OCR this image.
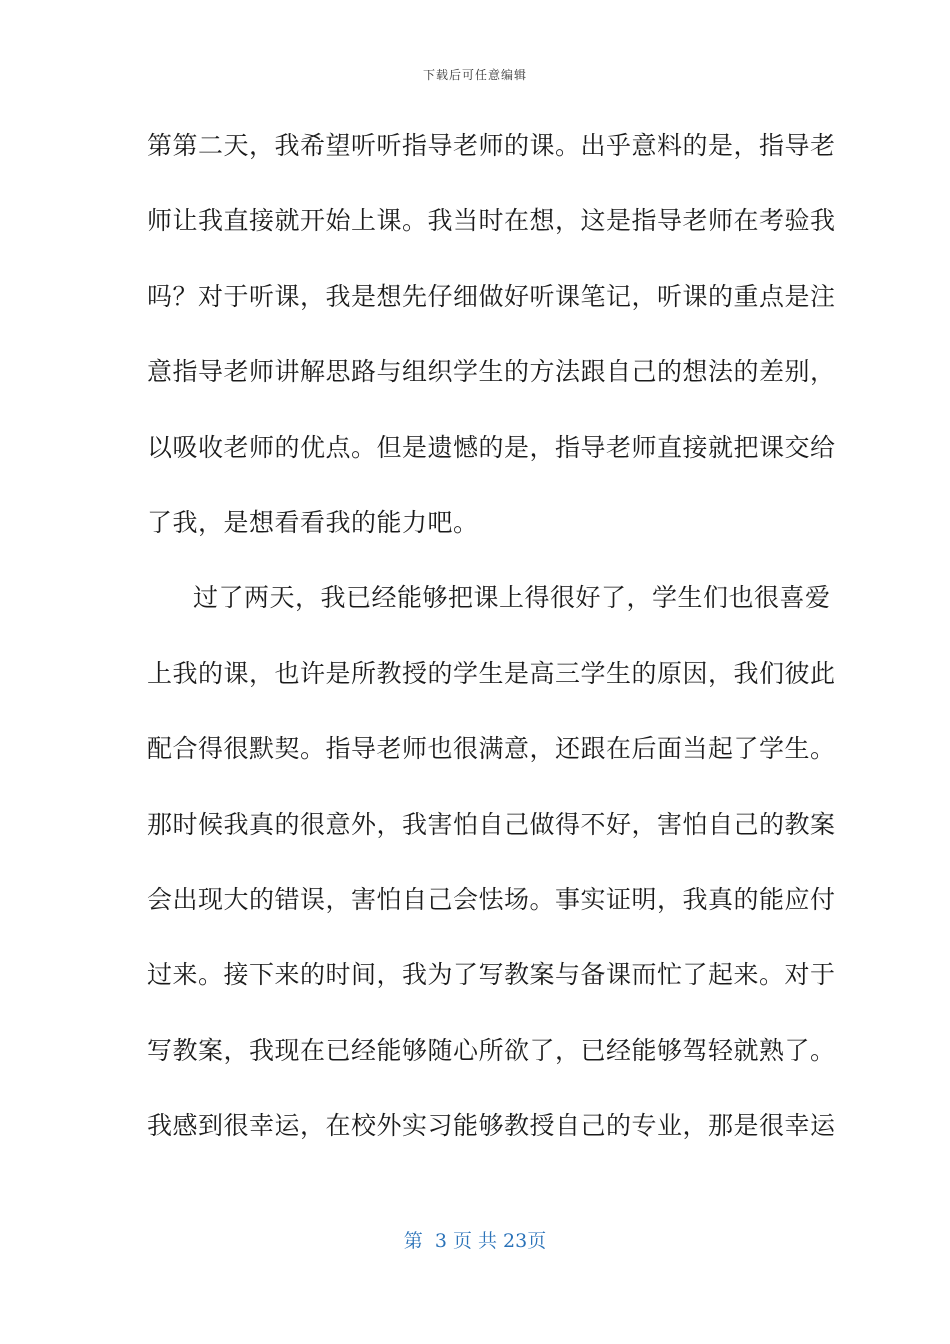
下载后可任意编辑
第第二天，我希望听听指导老师的课。出乎意料的是，指导老
师让我直接就开始上课。我当时在想，这是指导老师在考验我
吗？对于听课，我是想先仔细做好听课笔记，听课的重点是注
意指导老师讲解思路与组织学生的方法跟自己的想法的差别，
以吸收老师的优点。但是遗憾的是，指导老师直接就把课交给
了我，是想看看我的能力吧。
过了两天，我已经能够把课上得很好了，学生们也很喜爱
上我的课，也许是所教授的学生是高三学生的原因，我们彼此
配合得很默契。指导老师也很满意，还跟在后面当起了学生。
那时候我真的很意外，我害怕自己做得不好，害怕自己的教案
会出现大的错误，害怕自己会怯场。事实证明，我真的能应付
过来。接下来的时间，我为了写教案与备课而忙了起来。对于
写教案，我现在已经能够随心所欲了，已经能够驾轻就熟了。
我感到很幸运，在校外实习能够教授自己的专业，那是很幸运
第  3 页 共 23页
